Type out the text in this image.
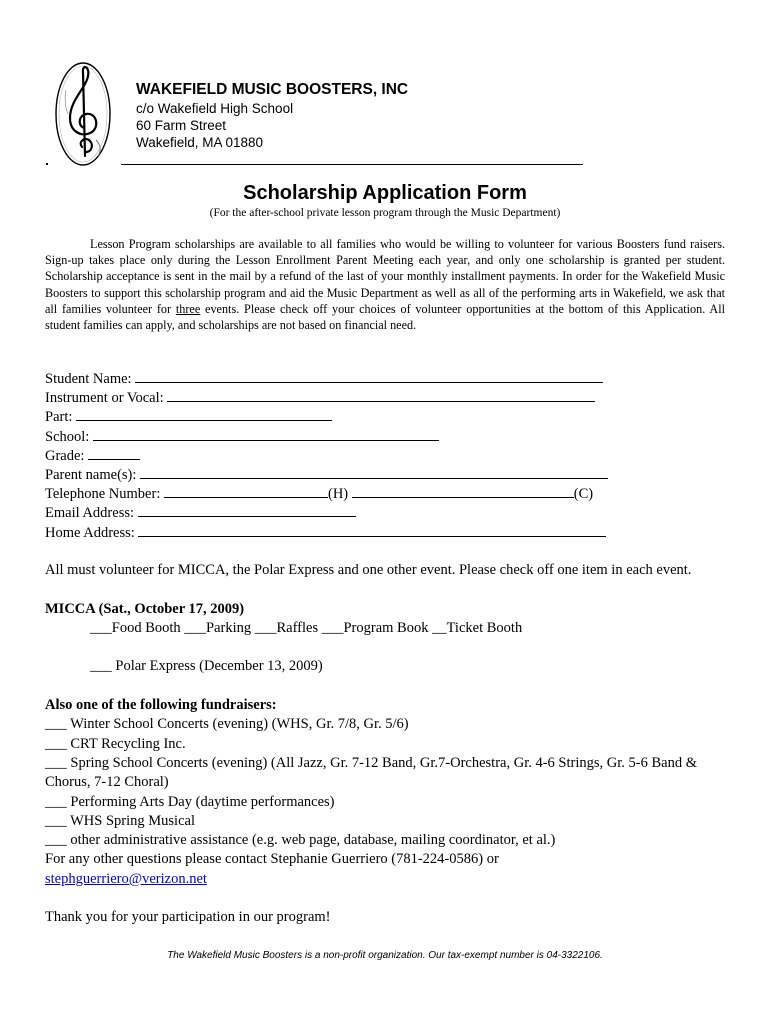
WAKEFIELD MUSIC BOOSTERS, INC
c/o Wakefield High School
60 Farm Street
Wakefield, MA 01880
Scholarship Application Form
(For the after-school private lesson program through the Music Department)

Lesson Program scholarships are available to all families who would be willing to volunteer for various Boosters fund raisers. Sign-up takes place only during the Lesson Enrollment Parent Meeting each year, and only one scholarship is granted per student. Scholarship acceptance is sent in the mail by a refund of the last of your monthly installment payments. In order for the Wakefield Music Boosters to support this scholarship program and aid the Music Department as well as all of the performing arts in Wakefield, we ask that all families volunteer for three events. Please check off your choices of volunteer opportunities at the bottom of this Application. All student families can apply, and scholarships are not based on financial need.

Student Name:
Instrument or Vocal:
Part:
School:
Grade:
Parent name(s):
Telephone Number:	(H)	(C)
Email Address:
Home Address:

All must volunteer for MICCA, the Polar Express and one other event. Please check off one item in each event.

MICCA (Sat., October 17, 2009)

___Food Booth ___Parking ___Raffles ___Program Book __Ticket Booth

___ Polar Express (December 13, 2009)

Also one of the following fundraisers:

___ Winter School Concerts (evening) (WHS, Gr. 7/8, Gr. 5/6)

___ CRT Recycling Inc.

___ Spring School Concerts (evening) (All Jazz, Gr. 7-12 Band, Gr.7-Orchestra, Gr. 4-6 Strings, Gr. 5-6 Band & Chorus, 7-12 Choral)

___ Performing Arts Day (daytime performances)

___ WHS Spring Musical

___ other administrative assistance (e.g. web page, database, mailing coordinator, et al.)

For any other questions please contact Stephanie Guerriero (781-224-0586) or

stephguerriero@verizon.net

Thank you for your participation in our program!

The Wakefield Music Boosters is a non-profit organization. Our tax-exempt number is 04-3322106.
